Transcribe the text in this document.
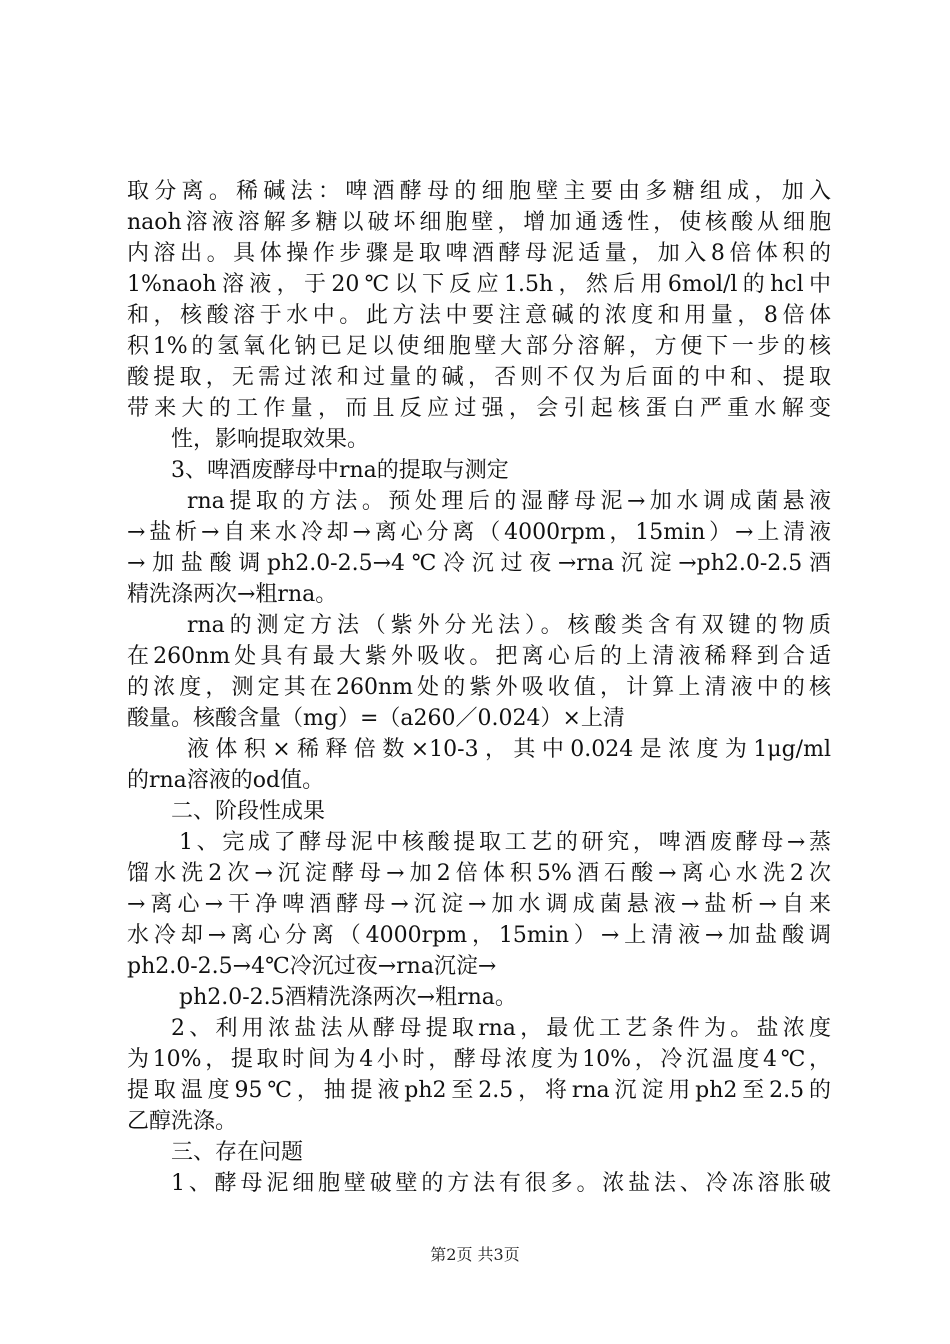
取分离。稀碱法：啤酒酵母的细胞壁主要由多糖组成，加入
naoh溶液溶解多糖以破坏细胞壁，增加通透性，使核酸从细胞
内溶出。具体操作步骤是取啤酒酵母泥适量，加入8倍体积的
1%naoh溶液，于20℃以下反应1.5h，然后用6mol/l的hcl中
和，核酸溶于水中。此方法中要注意碱的浓度和用量，8倍体
积1%的氢氧化钠已足以使细胞壁大部分溶解，方便下一步的核
酸提取，无需过浓和过量的碱，否则不仅为后面的中和、提取
带来大的工作量，而且反应过强，会引起核蛋白严重水解变
性，影响提取效果。
3、啤酒废酵母中rna的提取与测定
rna提取的方法。预处理后的湿酵母泥→加水调成菌悬液
→盐析→自来水冷却→离心分离（4000rpm，15min）→上清液
→加盐酸调ph2.0-2.5→4℃冷沉过夜→rna沉淀→ph2.0-2.5酒
精洗涤两次→粗rna。
rna的测定方法（紫外分光法）。核酸类含有双键的物质
在260nm处具有最大紫外吸收。把离心后的上清液稀释到合适
的浓度，测定其在260nm处的紫外吸收值，计算上清液中的核
酸量。核酸含量（mg）=（a260／0.024）×上清
液体积×稀释倍数×10-3，其中0.024是浓度为1μg/ml
的rna溶液的od值。
二、阶段性成果
1、完成了酵母泥中核酸提取工艺的研究，啤酒废酵母→蒸
馏水洗2次→沉淀酵母→加2倍体积5%酒石酸→离心水洗2次
→离心→干净啤酒酵母→沉淀→加水调成菌悬液→盐析→自来
水冷却→离心分离（4000rpm，15min）→上清液→加盐酸调
ph2.0-2.5→4℃冷沉过夜→rna沉淀→
ph2.0-2.5酒精洗涤两次→粗rna。
2、利用浓盐法从酵母提取rna，最优工艺条件为。盐浓度
为10%，提取时间为4小时，酵母浓度为10%，冷沉温度4℃，
提取温度95℃，抽提液ph2至2.5，将rna沉淀用ph2至2.5的
乙醇洗涤。
三、存在问题
1、酵母泥细胞壁破壁的方法有很多。浓盐法、冷冻溶胀破
第2页 共3页
